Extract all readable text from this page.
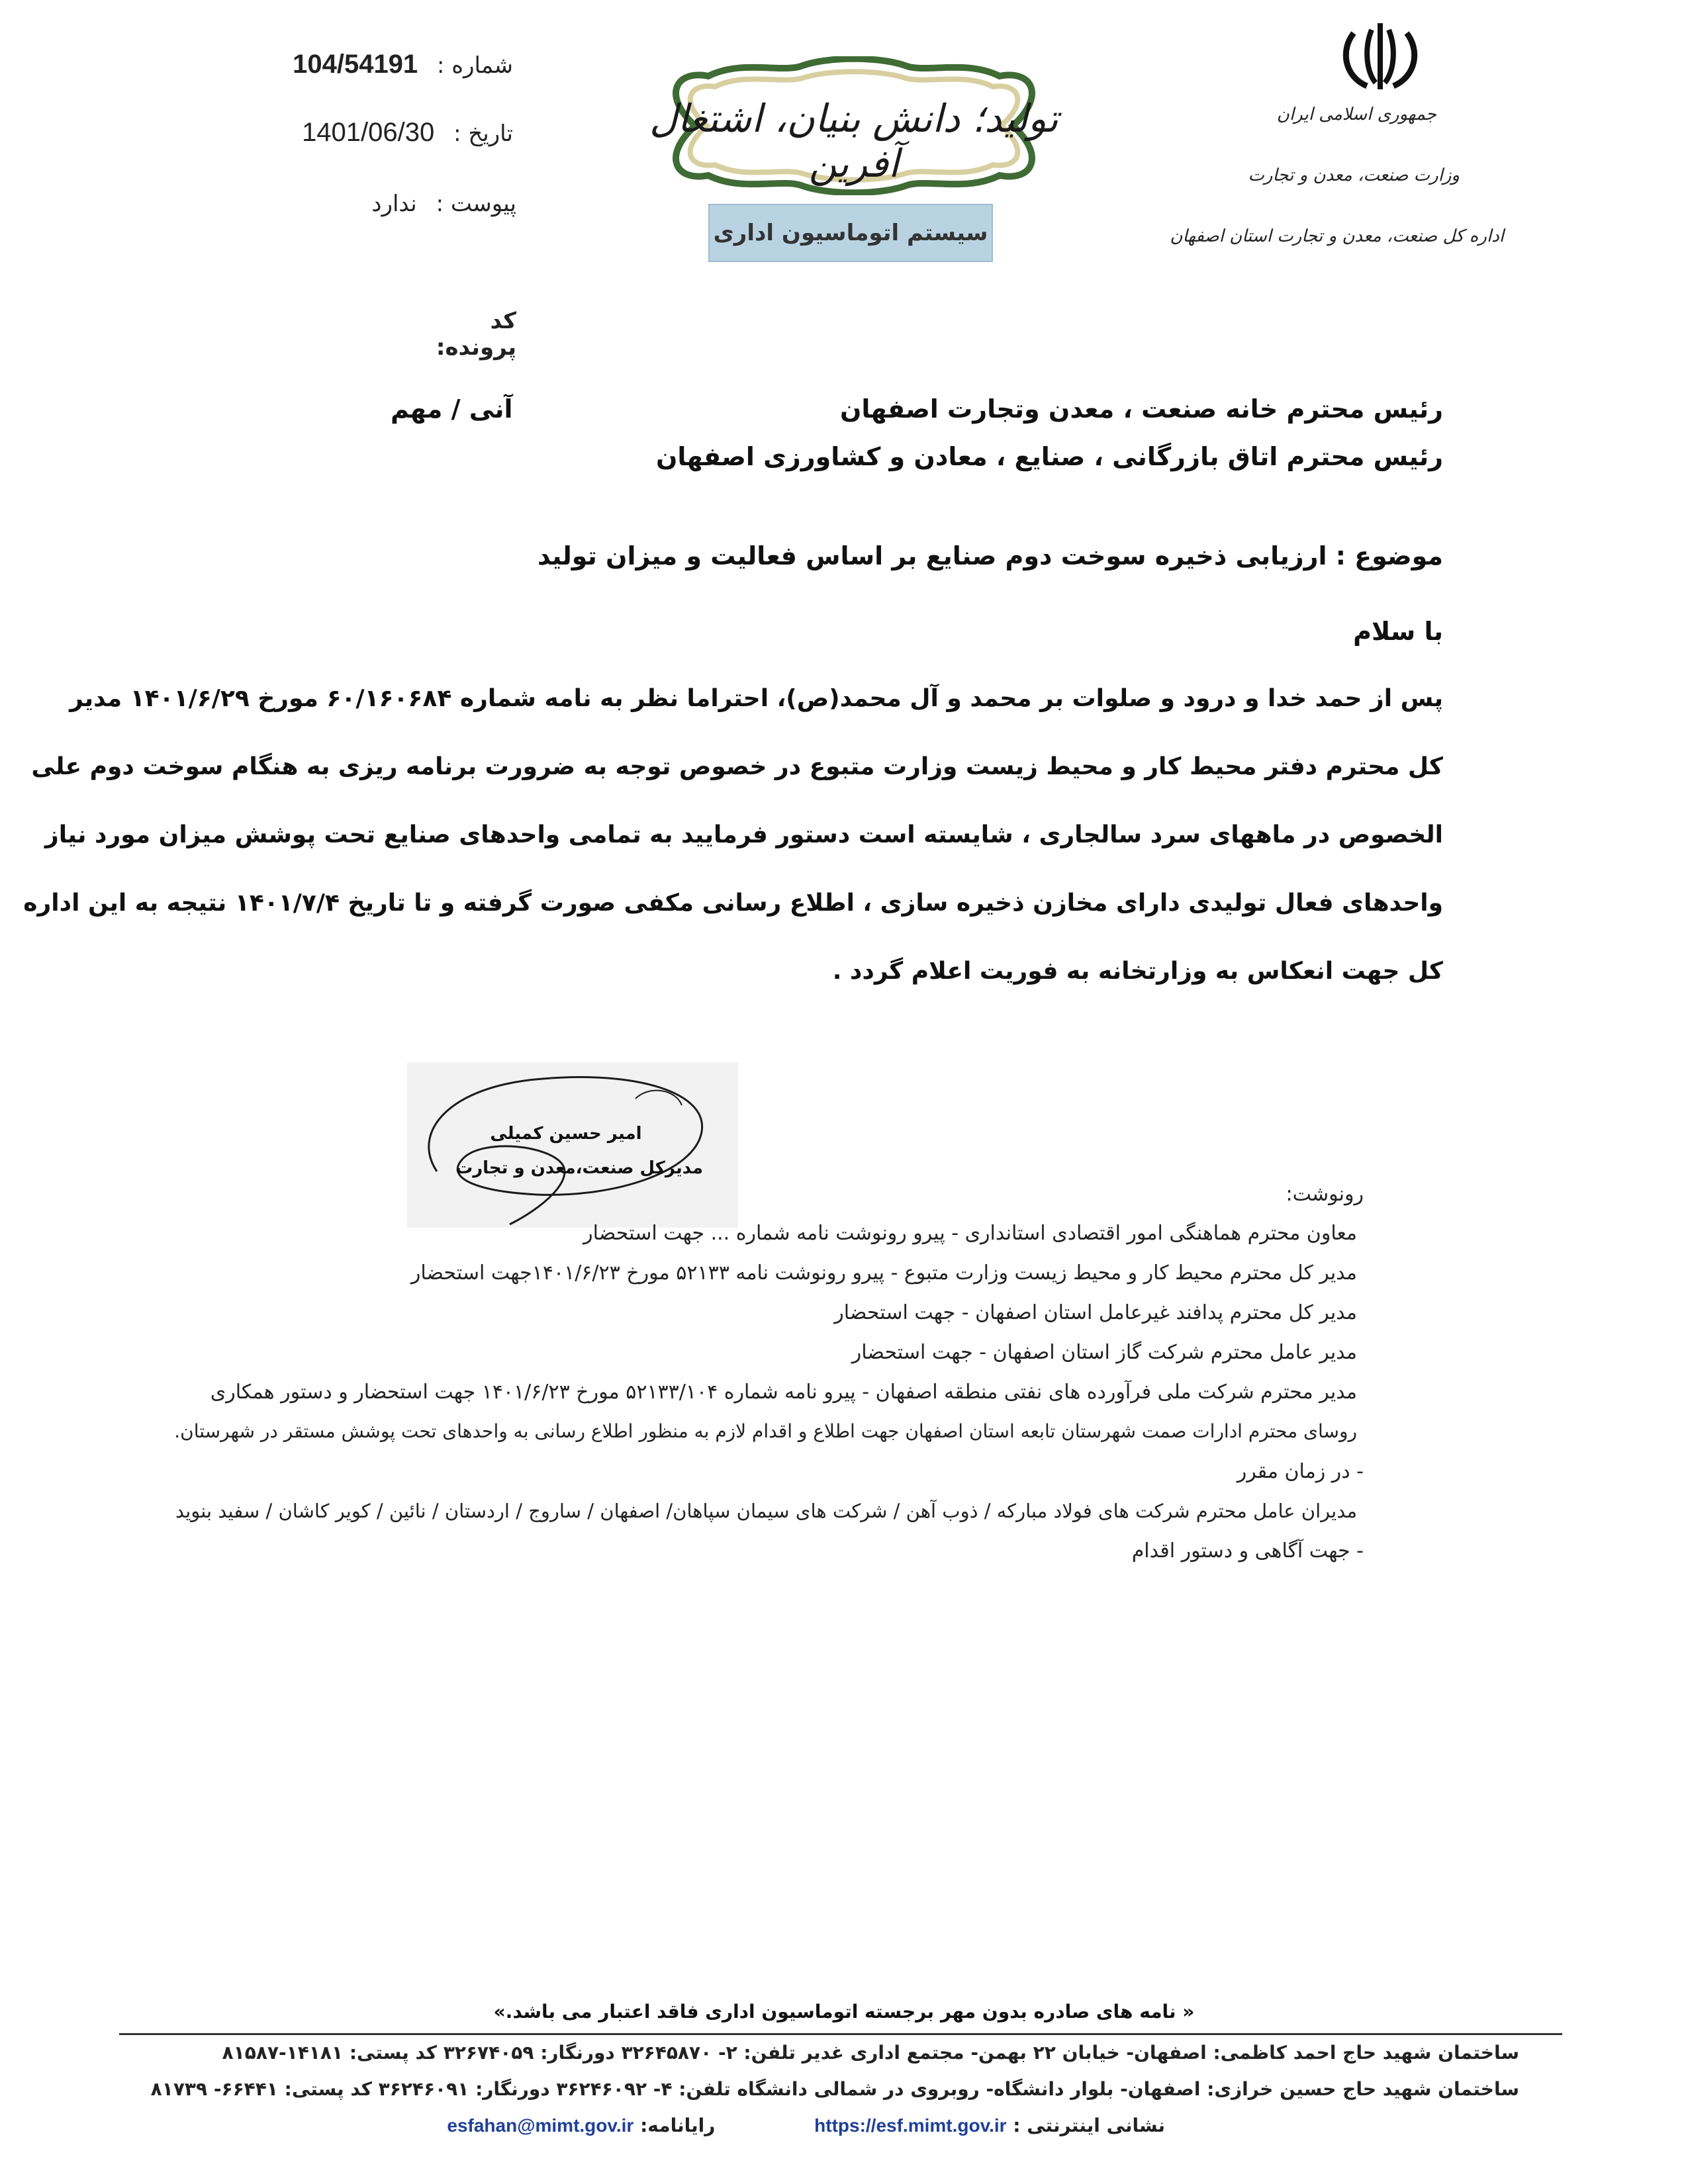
شماره : 104/54191
تاریخ : 1401/06/30
پیوست : ندارد
کد پرونده:
تولید؛ دانش بنیان، اشتغال آفرین
سیستم اتوماسیون اداری
جمهوری اسلامی ایران
وزارت صنعت، معدن و تجارت
اداره کل صنعت، معدن و تجارت استان اصفهان
رئیس محترم خانه صنعت ، معدن وتجارت اصفهان
رئیس محترم اتاق بازرگانی ، صنایع ، معادن و کشاورزی اصفهان
آنی / مهم
موضوع : ارزیابی ذخیره سوخت دوم صنایع بر اساس فعالیت و میزان تولید
با سلام
پس از حمد خدا و درود و صلوات بر محمد و آل محمد(ص)، احتراما نظر به نامه شماره ۶۰/۱۶۰۶۸۴ مورخ ۱۴۰۱/۶/۲۹ مدیر
کل محترم دفتر محیط کار و محیط زیست وزارت متبوع در خصوص توجه به ضرورت برنامه ریزی به هنگام سوخت دوم علی
الخصوص در ماههای سرد سالجاری ، شایسته است دستور فرمایید به تمامی واحدهای صنایع تحت پوشش میزان مورد نیاز
واحدهای فعال تولیدی دارای مخازن ذخیره سازی ، اطلاع رسانی مکفی صورت گرفته و تا تاریخ ۱۴۰۱/۷/۴ نتیجه به این اداره
کل جهت انعکاس به وزارتخانه به فوریت اعلام گردد .
امیر حسین کمیلی
مدیرکل صنعت،معدن و تجارت
رونوشت:
معاون محترم هماهنگی امور اقتصادی استانداری - پیرو رونوشت نامه شماره ... جهت استحضار
مدیر کل محترم محیط کار و محیط زیست وزارت متبوع - پیرو رونوشت نامه ۵۲۱۳۳ مورخ ۱۴۰۱/۶/۲۳جهت استحضار
مدیر کل محترم پدافند غیرعامل استان اصفهان - جهت استحضار
مدیر عامل محترم شرکت گاز استان اصفهان - جهت استحضار
مدیر محترم شرکت ملی فرآورده های نفتی منطقه اصفهان - پیرو نامه شماره ۵۲۱۳۳/۱۰۴ مورخ ۱۴۰۱/۶/۲۳ جهت استحضار و دستور همکاری
روسای محترم ادارات صمت شهرستان تابعه استان اصفهان جهت اطلاع و اقدام لازم به منظور اطلاع رسانی به واحدهای تحت پوشش مستقر در شهرستان.
- در زمان مقرر
مدیران عامل محترم شرکت های فولاد مبارکه / ذوب آهن / شرکت های سیمان سپاهان/ اصفهان / ساروج / اردستان / نائین / کویر کاشان / سفید بنوید
- جهت آگاهی و دستور اقدام
« نامه های صادره بدون مهر برجسته اتوماسیون اداری فاقد اعتبار می باشد.»
ساختمان شهید حاج احمد کاظمی: اصفهان- خیابان ۲۲ بهمن- مجتمع اداری غدیر تلفن: ۲- ۳۲۶۴۵۸۷۰ دورنگار: ۳۲۶۷۴۰۵۹ کد پستی: ۱۴۱۸۱-۸۱۵۸۷
ساختمان شهید حاج حسین خرازی: اصفهان- بلوار دانشگاه- روبروی در شمالی دانشگاه تلفن: ۴- ۳۶۲۴۶۰۹۲ دورنگار: ۳۶۲۴۶۰۹۱ کد پستی: ۶۶۴۴۱- ۸۱۷۳۹
نشانی اینترنتی : https://esf.mimt.gov.ir رایانامه: esfahan@mimt.gov.ir
